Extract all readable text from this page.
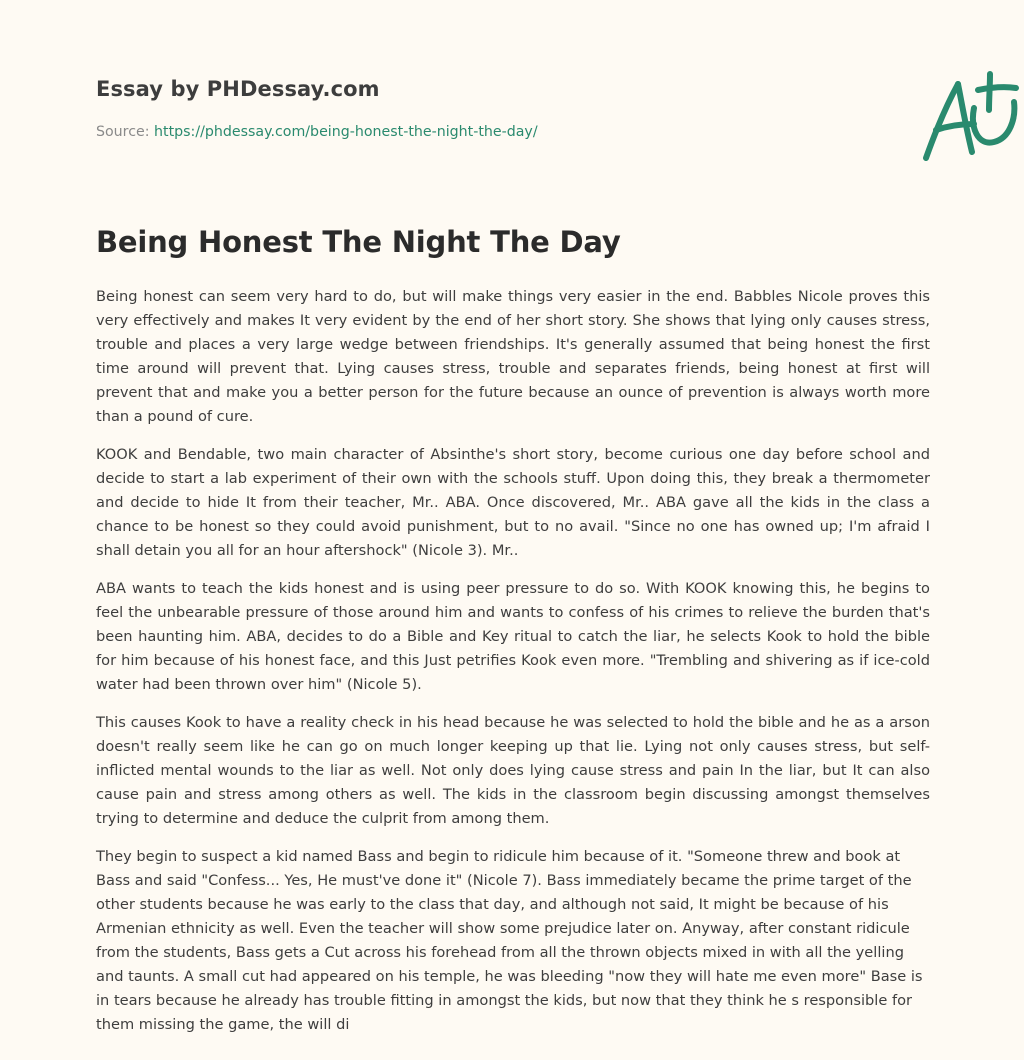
Essay by PHDessay.com
Source: https://phdessay.com/being-honest-the-night-the-day/
Being Honest The Night The Day

Being honest can seem very hard to do, but will make things very easier in the end. Babbles Nicole proves this very effectively and makes It very evident by the end of her short story. She shows that lying only causes stress, trouble and places a very large wedge between friendships. It's generally assumed that being honest the first time around will prevent that. Lying causes stress, trouble and separates friends, being honest at first will prevent that and make you a better person for the future because an ounce of prevention is always worth more than a pound of cure.

KOOK and Bendable, two main character of Absinthe's short story, become curious one day before school and decide to start a lab experiment of their own with the schools stuff. Upon doing this, they break a thermometer and decide to hide It from their teacher, Mr.. ABA. Once discovered, Mr.. ABA gave all the kids in the class a chance to be honest so they could avoid punishment, but to no avail. "Since no one has owned up; I'm afraid I shall detain you all for an hour aftershock" (Nicole 3). Mr..

ABA wants to teach the kids honest and is using peer pressure to do so. With KOOK knowing this, he begins to feel the unbearable pressure of those around him and wants to confess of his crimes to relieve the burden that's been haunting him. ABA, decides to do a Bible and Key ritual to catch the liar, he selects Kook to hold the bible for him because of his honest face, and this Just petrifies Kook even more. "Trembling and shivering as if ice-cold water had been thrown over him" (Nicole 5).

This causes Kook to have a reality check in his head because he was selected to hold the bible and he as a arson doesn't really seem like he can go on much longer keeping up that lie. Lying not only causes stress, but self-inflicted mental wounds to the liar as well. Not only does lying cause stress and pain In the liar, but It can also cause pain and stress among others as well. The kids in the classroom begin discussing amongst themselves trying to determine and deduce the culprit from among them.

They begin to suspect a kid named Bass and begin to ridicule him because of it. "Someone threw and book at Bass and said "Confess... Yes, He must've done it" (Nicole 7). Bass immediately became the prime target of the other students because he was early to the class that day, and although not said, It might be because of his Armenian ethnicity as well. Even the teacher will show some prejudice later on. Anyway, after constant ridicule from the students, Bass gets a Cut across his forehead from all the thrown objects mixed in with all the yelling and taunts. A small cut had appeared on his temple, he was bleeding "now they will hate me even more" Base is in tears because he already has trouble fitting in amongst the kids, but now that they think he s responsible for them missing the game, the will di
